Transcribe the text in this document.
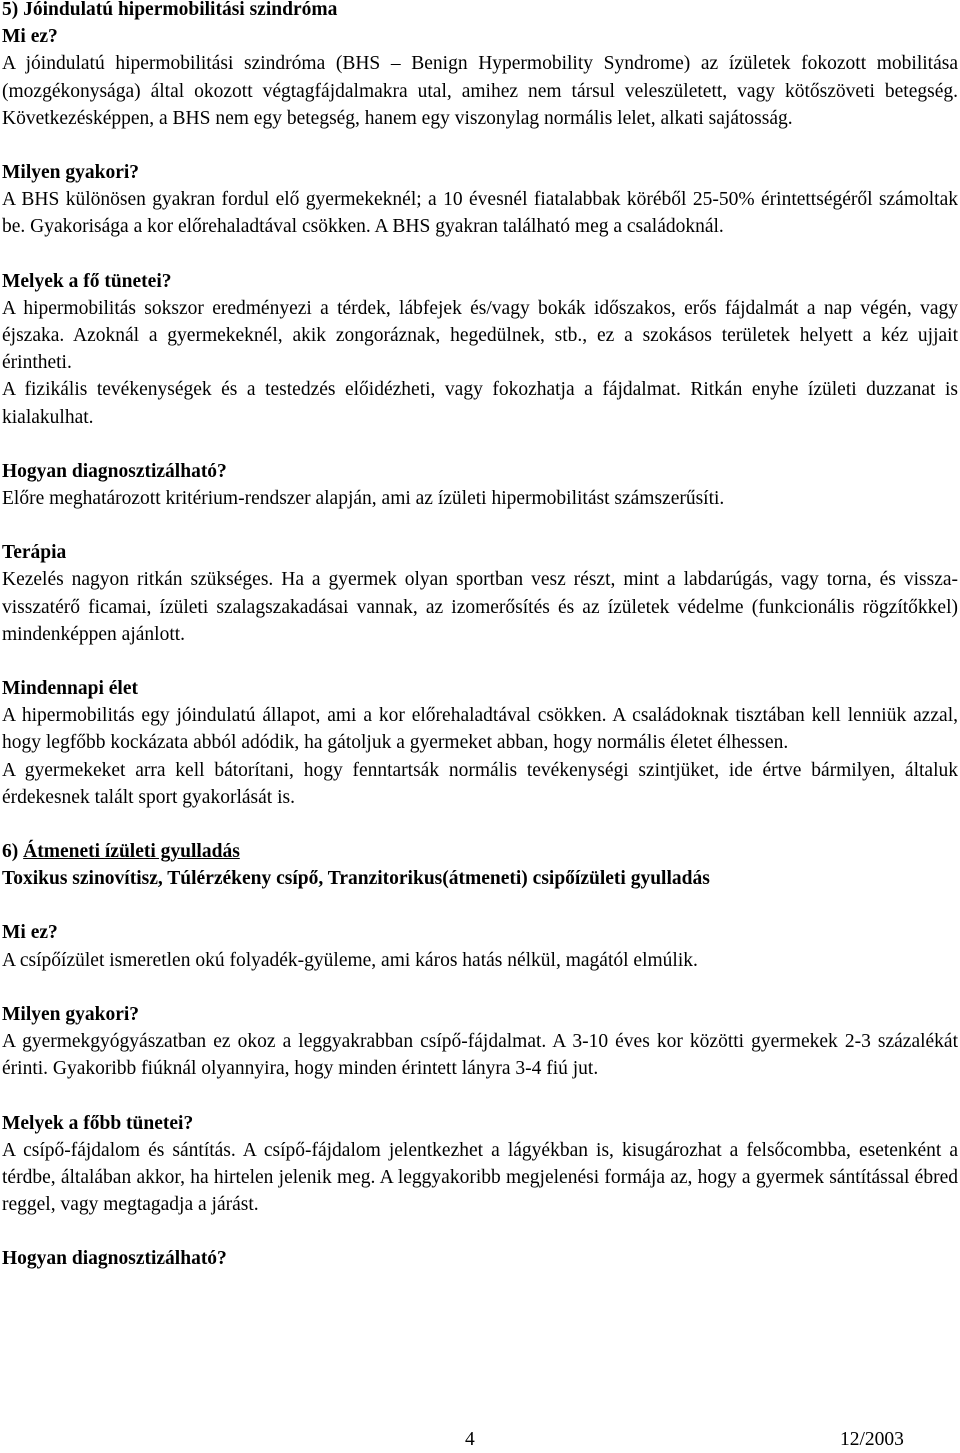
5) Jóindulatú hipermobilitási szindróma
Mi ez?

A jóindulatú hipermobilitási szindróma (BHS – Benign Hypermobility Syndrome) az ízületek fokozott mobilitása (mozgékonysága) által okozott végtagfájdalmakra utal, amihez nem társul veleszületett, vagy kötőszöveti betegség. Következésképpen, a BHS nem egy betegség, hanem egy viszonylag normális lelet, alkati sajátosság.

Milyen gyakori?

A BHS különösen gyakran fordul elő gyermekeknél; a 10 évesnél fiatalabbak köréből 25-50% érintettségéről számoltak be. Gyakorisága a kor előrehaladtával csökken. A BHS gyakran található meg a családoknál.

Melyek a fő tünetei?

A hipermobilitás sokszor eredményezi a térdek, lábfejek és/vagy bokák időszakos, erős fájdalmát a nap végén, vagy éjszaka. Azoknál a gyermekeknél, akik zongoráznak, hegedülnek, stb., ez a szokásos területek helyett a kéz ujjait érintheti.

A fizikális tevékenységek és a testedzés előidézheti, vagy fokozhatja a fájdalmat. Ritkán enyhe ízületi duzzanat is kialakulhat.

Hogyan diagnosztizálható?

Előre meghatározott kritérium-rendszer alapján, ami az ízületi hipermobilitást számszerűsíti.

Terápia

Kezelés nagyon ritkán szükséges. Ha a gyermek olyan sportban vesz részt, mint a labdarúgás, vagy torna, és vissza-visszatérő ficamai, ízületi szalagszakadásai vannak, az izomerősítés és az ízületek védelme (funkcionális rögzítőkkel) mindenképpen ajánlott.

Mindennapi élet

A hipermobilitás egy jóindulatú állapot, ami a kor előrehaladtával csökken. A családoknak tisztában kell lenniük azzal, hogy legfőbb kockázata abból adódik, ha gátoljuk a gyermeket abban, hogy normális életet élhessen.

A gyermekeket arra kell bátorítani, hogy fenntartsák normális tevékenységi szintjüket, ide értve bármilyen, általuk érdekesnek talált sport gyakorlását is.

6) Átmeneti ízületi gyulladás
Toxikus szinovítisz, Túlérzékeny csípő, Tranzitorikus(átmeneti) csipőízületi gyulladás
Mi ez?

A csípőízület ismeretlen okú folyadék-gyüleme, ami káros hatás nélkül, magától elmúlik.

Milyen gyakori?

A gyermekgyógyászatban ez okoz a leggyakrabban csípő-fájdalmat. A 3-10 éves kor közötti gyermekek 2-3 százalékát érinti. Gyakoribb fiúknál olyannyira, hogy minden érintett lányra 3-4 fiú jut.

Melyek a főbb tünetei?

A csípő-fájdalom és sántítás. A csípő-fájdalom jelentkezhet a lágyékban is, kisugározhat a felsőcombba, esetenként a térdbe, általában akkor, ha hirtelen jelenik meg. A leggyakoribb megjelenési formája az, hogy a gyermek sántítással ébred reggel, vagy megtagadja a járást.

Hogyan diagnosztizálható?
4	12/2003
